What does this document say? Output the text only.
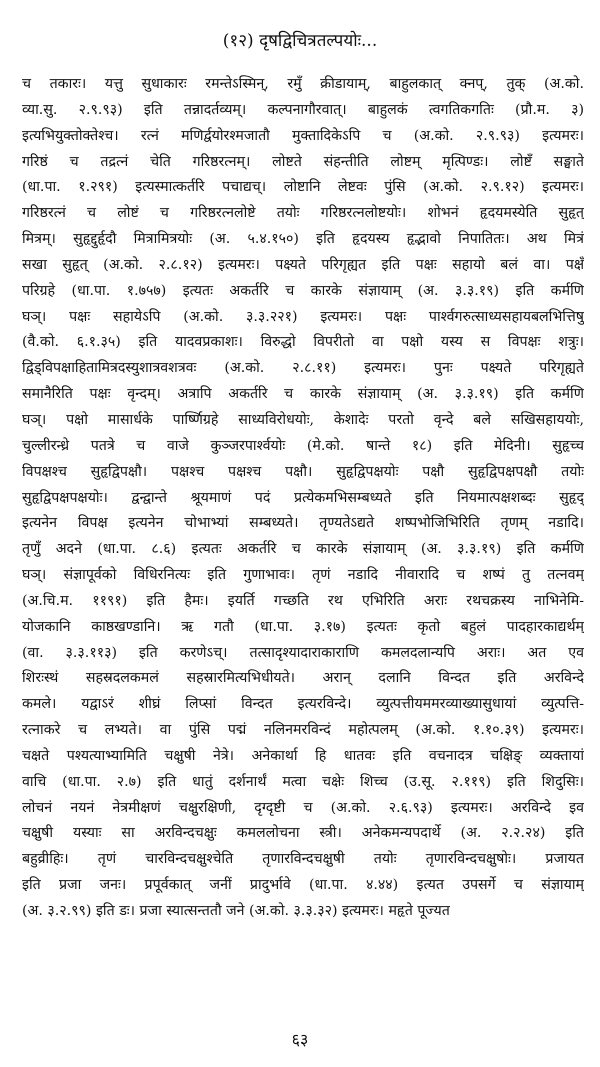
(१२) दृषद्विचित्रतल्पयोः...
च तकारः। यत्तु सुधाकारः रमन्तेऽस्मिन्, रमुँ क्रीडायाम्, बाहुलकात् क्नप्, तुक् (अ.को.
व्या.सु. २.९.९३) इति तन्नादर्तव्यम्। कल्पनागौरवात्। बाहुलकं त्वगतिकगतिः (प्रौ.म. ३)
इत्यभियुक्तोक्तेश्च। रत्नं मणिर्द्वयोरश्मजातौ मुक्तादिकेऽपि च (अ.को. २.९.९३) इत्यमरः।
गरिष्ठं च तद्रत्नं चेति गरिष्ठरत्नम्। लोष्टते संहन्तीति लोष्टम् मृत्पिण्डः। लोष्टँ सङ्घाते
(धा.पा. १.२९१) इत्यस्मात्कर्तरि पचाद्यच्। लोष्टानि लेष्टवः पुंसि (अ.को. २.९.१२) इत्यमरः।
गरिष्ठरत्नं च लोष्टं च गरिष्ठरत्नलोष्टे तयोः गरिष्ठरत्नलोष्टयोः। शोभनं हृदयमस्येति सुहृत्
मित्रम्। सुहृद्दुर्हृदौ मित्रामित्रयोः (अ. ५.४.१५०) इति हृदयस्य हृद्भावो निपातितः। अथ मित्रं
सखा सुहृत् (अ.को. २.८.१२) इत्यमरः। पक्ष्यते परिगृह्यत इति पक्षः सहायो बलं वा। पक्षँ
परिग्रहे (धा.पा. १.७५७) इत्यतः अकर्तरि च कारके संज्ञायाम् (अ. ३.३.१९) इति कर्मणि
घञ्। पक्षः सहायेऽपि (अ.को. ३.३.२२१) इत्यमरः। पक्षः पार्श्वगरुत्साध्यसहायबलभित्तिषु
(वै.को. ६.१.३५) इति यादवप्रकाशः। विरुद्धो विपरीतो वा पक्षो यस्य स विपक्षः शत्रुः।
द्विड्विपक्षाहितामित्रदस्युशात्रवशत्रवः (अ.को. २.८.११) इत्यमरः। पुनः पक्ष्यते परिगृह्यते
समानैरिति पक्षः वृन्दम्। अत्रापि अकर्तरि च कारके संज्ञायाम् (अ. ३.३.१९) इति कर्मणि
घञ्। पक्षो मासार्धके पार्ष्णिग्रहे साध्यविरोधयोः, केशादेः परतो वृन्दे बले सखिसहाययोः,
चुल्लीरन्ध्रे पतत्रे च वाजे कुञ्जरपार्श्वयोः (मे.को. षान्ते १८) इति मेदिनी। सुहृच्च
विपक्षश्च सुहृद्विपक्षौ। पक्षश्च पक्षश्च पक्षौ। सुहृद्विपक्षयोः पक्षौ सुहृद्विपक्षपक्षौ तयोः
सुहृद्विपक्षपक्षयोः। द्वन्द्वान्ते श्रूयमाणं पदं प्रत्येकमभिसम्बध्यते इति नियमात्पक्षशब्दः सुहृद्
इत्यनेन विपक्ष इत्यनेन चोभाभ्यां सम्बध्यते। तृण्यतेऽद्यते शष्पभोजिभिरिति तृणम् नडादि।
तृणुँ अदने (धा.पा. ८.६) इत्यतः अकर्तरि च कारके संज्ञायाम् (अ. ३.३.१९) इति कर्मणि
घञ्। संज्ञापूर्वको विधिरनित्यः इति गुणाभावः। तृणं नडादि नीवारादि च शष्पं तु तत्नवम्
(अ.चि.म. ११९१) इति हैमः। इयर्ति गच्छति रथ एभिरिति अराः रथचक्रस्य नाभिनेमि-
योजकानि काष्ठखण्डानि। ऋ गतौ (धा.पा. ३.१७) इत्यतः कृतो बहुलं पादहारकाद्यर्थम्
(वा. ३.३.११३) इति करणेऽच्। तत्सादृश्यादाराकाराणि कमलदलान्यपि अराः। अत एव
शिरःस्थं सहस्रदलकमलं सहस्रारमित्यभिधीयते। अरान् दलानि विन्दत इति अरविन्दे
कमले। यद्वाऽरं शीघ्रं लिप्सां विन्दत इत्यरविन्दे। व्युत्पत्तीयममरव्याख्यासुधायां व्युत्पत्ति-
रत्नाकरे च लभ्यते। वा पुंसि पद्मं नलिनमरविन्दं महोत्पलम् (अ.को. १.१०.३९) इत्यमरः।
चक्षते पश्यत्याभ्यामिति चक्षुषी नेत्रे। अनेकार्था हि धातवः इति वचनादत्र चक्षिङ् व्यक्तायां
वाचि (धा.पा. २.७) इति धातुं दर्शनार्थं मत्वा चक्षेः शिच्च (उ.सू. २.११९) इति शिदुसिः।
लोचनं नयनं नेत्रमीक्षणं चक्षुरक्षिणी, दृग्दृष्टी च (अ.को. २.६.९३) इत्यमरः। अरविन्दे इव
चक्षुषी यस्याः सा अरविन्दचक्षुः कमललोचना स्त्री। अनेकमन्यपदार्थे (अ. २.२.२४) इति
बहुव्रीहिः। तृणं चारविन्दचक्षुश्चेति तृणारविन्दचक्षुषी तयोः तृणारविन्दचक्षुषोः। प्रजायत
इति प्रजा जनः। प्रपूर्वकात् जनीं प्रादुर्भावे (धा.पा. ४.४४) इत्यत उपसर्गे च संज्ञायाम्
(अ. ३.२.९९) इति डः। प्रजा स्यात्सन्ततौ जने (अ.को. ३.३.३२) इत्यमरः। महृते पूज्यत
६३
